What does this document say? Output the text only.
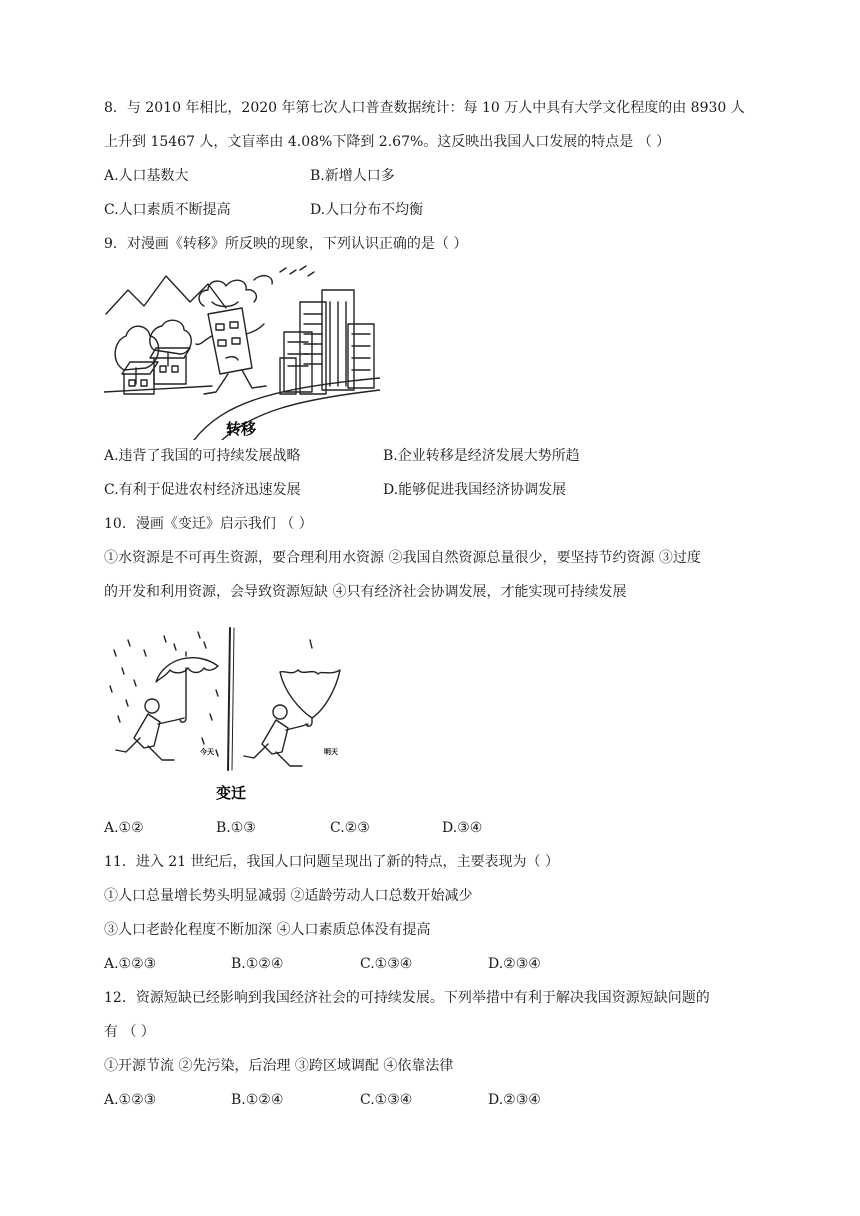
8．与 2010 年相比，2020 年第七次人口普查数据统计：每 10 万人中具有大学文化程度的由 8930 人
上升到 15467 人，文盲率由 4.08%下降到 2.67%。这反映出我国人口发展的特点是 （ ）
A.人口基数大	B.新增人口多
C.人口素质不断提高	D.人口分布不均衡
9．对漫画《转移》所反映的现象，下列认识正确的是（ ）
转移
A.违背了我国的可持续发展战略	B.企业转移是经济发展大势所趋
C.有利于促进农村经济迅速发展	D.能够促进我国经济协调发展
10．漫画《变迁》启示我们 （ ）
①水资源是不可再生资源，要合理利用水资源 ②我国自然资源总量很少，要坚持节约资源 ③过度
的开发和利用资源，会导致资源短缺 ④只有经济社会协调发展，才能实现可持续发展
今天	明天
变迁
A.①②	B.①③	C.②③	D.③④
11．进入 21 世纪后，我国人口问题呈现出了新的特点，主要表现为（ ）
①人口总量增长势头明显减弱 ②适龄劳动人口总数开始减少
③人口老龄化程度不断加深 ④人口素质总体没有提高
A.①②③	B.①②④	C.①③④	D.②③④
12．资源短缺已经影响到我国经济社会的可持续发展。下列举措中有利于解决我国资源短缺问题的
有 （ ）
①开源节流 ②先污染，后治理 ③跨区域调配 ④依靠法律
A.①②③	B.①②④	C.①③④	D.②③④
